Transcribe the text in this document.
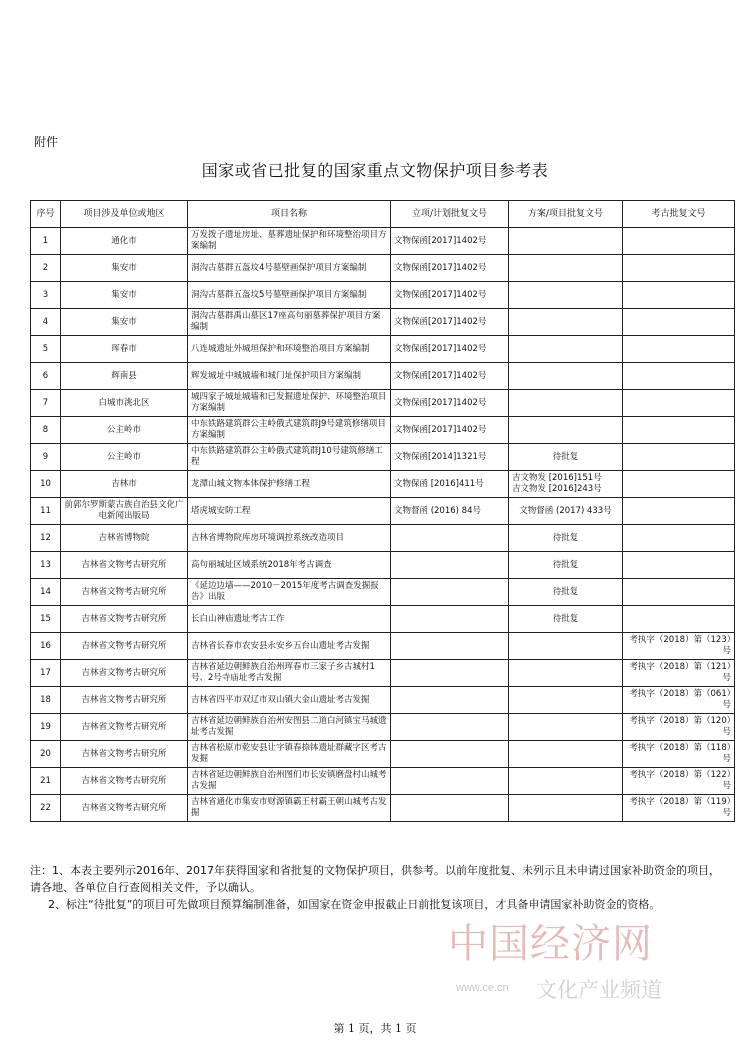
附件
国家或省已批复的国家重点文物保护项目参考表
序号	项目涉及单位或地区	项目名称	立项/计划批复文号	方案/项目批复文号	考古批复文号
1	通化市	万发拨子遗址房址、墓葬遗址保护和环境整治项目方案编制	文物保函[2017]1402号		
2	集安市	洞沟古墓群五盔坟4号墓壁画保护项目方案编制	文物保函[2017]1402号		
3	集安市	洞沟古墓群五盔坟5号墓壁画保护项目方案编制	文物保函[2017]1402号		
4	集安市	洞沟古墓群禹山墓区17座高句丽墓葬保护项目方案编制	文物保函[2017]1402号		
5	珲春市	八连城遗址外城垣保护和环境整治项目方案编制	文物保函[2017]1402号		
6	辉南县	辉发城址中城城墙和城门址保护项目方案编制	文物保函[2017]1402号		
7	白城市洮北区	城四家子城址城墙和已发掘遗址保护、环境整治项目方案编制	文物保函[2017]1402号		
8	公主岭市	中东铁路建筑群公主岭俄式建筑群J9号建筑修缮项目方案编制	文物保函[2017]1402号		
9	公主岭市	中东铁路建筑群公主岭俄式建筑群J10号建筑修缮工程	文物保函[2014]1321号	待批复	
10	吉林市	龙潭山城文物本体保护修缮工程	文物保函 [2016]411号	吉文物发 [2016]151号
吉文物发 [2016]243号	
11	前郭尔罗斯蒙古族自治县文化广电新闻出版局	塔虎城安防工程	文物督函 (2016) 84号	文物督函 (2017) 433号	
12	吉林省博物院	吉林省博物院库房环境调控系统改造项目		待批复	
13	吉林省文物考古研究所	高句丽城址区域系统2018年考古调查		待批复	
14	吉林省文物考古研究所	《延边边墙——2010－2015年度考古调查发掘报告》出版		待批复	
15	吉林省文物考古研究所	长白山神庙遗址考古工作		待批复	
16	吉林省文物考古研究所	吉林省长春市农安县永安乡五台山遗址考古发掘			考执字（2018）第（123）号
17	吉林省文物考古研究所	吉林省延边朝鲜族自治州珲春市三家子乡古城村1号、2号寺庙址考古发掘			考执字（2018）第（121）号
18	吉林省文物考古研究所	吉林省四平市双辽市双山镇大金山遗址考古发掘			考执字（2018）第（061）号
19	吉林省文物考古研究所	吉林省延边朝鲜族自治州安图县二道白河镇宝马城遗址考古发掘			考执字（2018）第（120）号
20	吉林省文物考古研究所	吉林省松原市乾安县让字镇春捺钵遗址群藏字区考古发掘			考执字（2018）第（118）号
21	吉林省文物考古研究所	吉林省延边朝鲜族自治州图们市长安镇磨盘村山城考古发掘			考执字（2018）第（122）号
22	吉林省文物考古研究所	吉林省通化市集安市财源镇霸王村霸王朝山城考古发掘			考执字（2018）第（119）号

注：1、本表主要列示2016年、2017年获得国家和省批复的文物保护项目，供参考。以前年度批复、未列示且未申请过国家补助资金的项目，请各地、各单位自行查阅相关文件，予以确认。

2、标注“待批复”的项目可先做项目预算编制准备，如国家在资金申报截止日前批复该项目，才具备申请国家补助资金的资格。

中国经济网
www.ce.cn 文化产业频道
第 1 页，共 1 页
